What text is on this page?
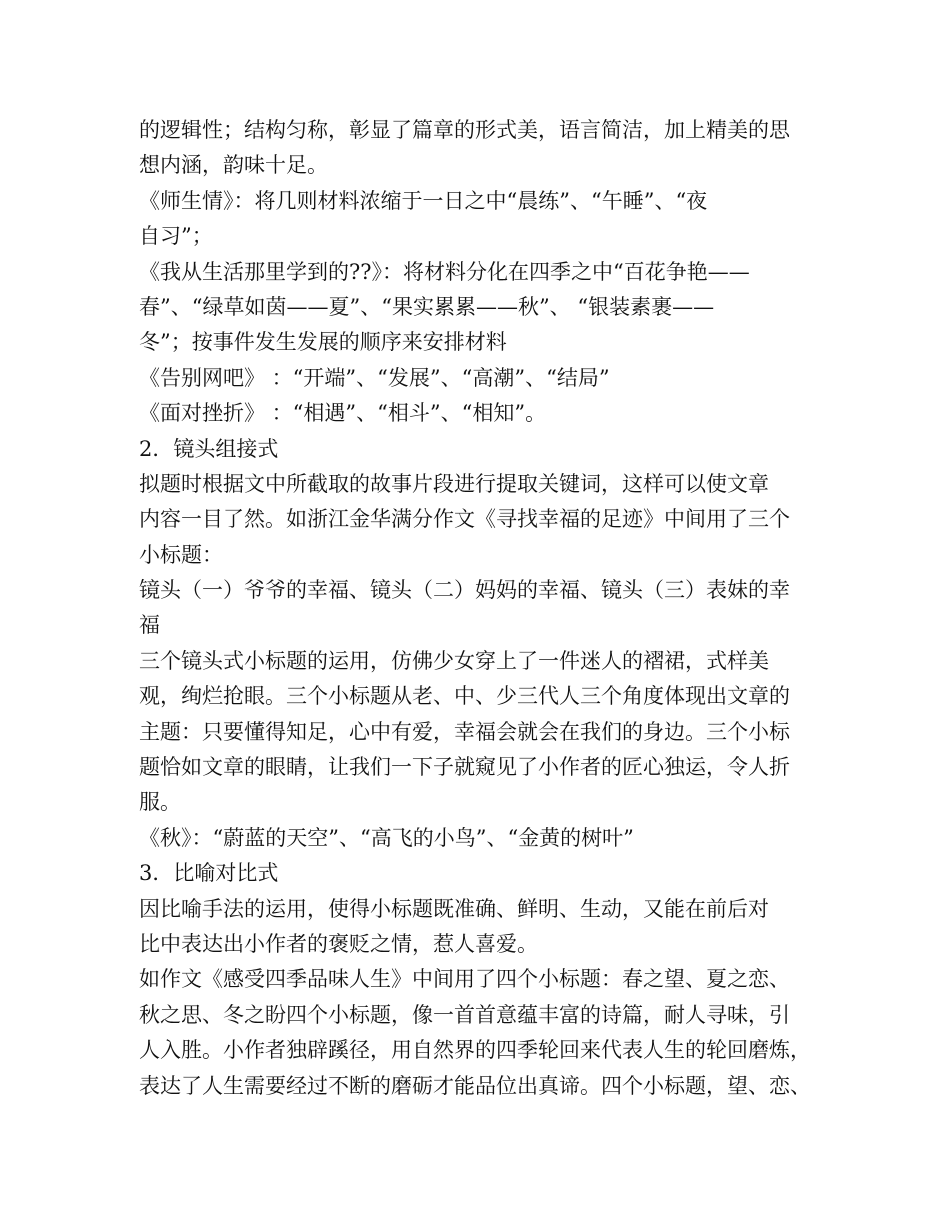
的逻辑性；结构匀称，彰显了篇章的形式美，语言简洁，加上精美的思
想内涵，韵味十足。
《师生情》：将几则材料浓缩于一日之中“晨练”、“午睡”、“夜
自习”；
《我从生活那里学到的??》：将材料分化在四季之中“百花争艳——
春”、“绿草如茵——夏”、“果实累累——秋”、 “银装素裹——
冬”；按事件发生发展的顺序来安排材料
《告别网吧》 ：“开端”、“发展”、“高潮”、“结局”
《面对挫折》 ：“相遇”、“相斗”、“相知”。
2．镜头组接式
拟题时根据文中所截取的故事片段进行提取关键词，这样可以使文章
内容一目了然。如浙江金华满分作文《寻找幸福的足迹》中间用了三个
小标题：
镜头（一）爷爷的幸福、镜头（二）妈妈的幸福、镜头（三）表妹的幸
福
三个镜头式小标题的运用，仿佛少女穿上了一件迷人的褶裙，式样美
观，绚烂抢眼。三个小标题从老、中、少三代人三个角度体现出文章的
主题：只要懂得知足，心中有爱，幸福会就会在我们的身边。三个小标
题恰如文章的眼睛，让我们一下子就窥见了小作者的匠心独运，令人折
服。
《秋》：“蔚蓝的天空”、“高飞的小鸟”、“金黄的树叶”
3．比喻对比式
因比喻手法的运用，使得小标题既准确、鲜明、生动，又能在前后对
比中表达出小作者的褒贬之情，惹人喜爱。
如作文《感受四季品味人生》中间用了四个小标题：春之望、夏之恋、
秋之思、冬之盼四个小标题，像一首首意蕴丰富的诗篇，耐人寻味，引
人入胜。小作者独辟蹊径，用自然界的四季轮回来代表人生的轮回磨炼，
表达了人生需要经过不断的磨砺才能品位出真谛。四个小标题，望、恋、
